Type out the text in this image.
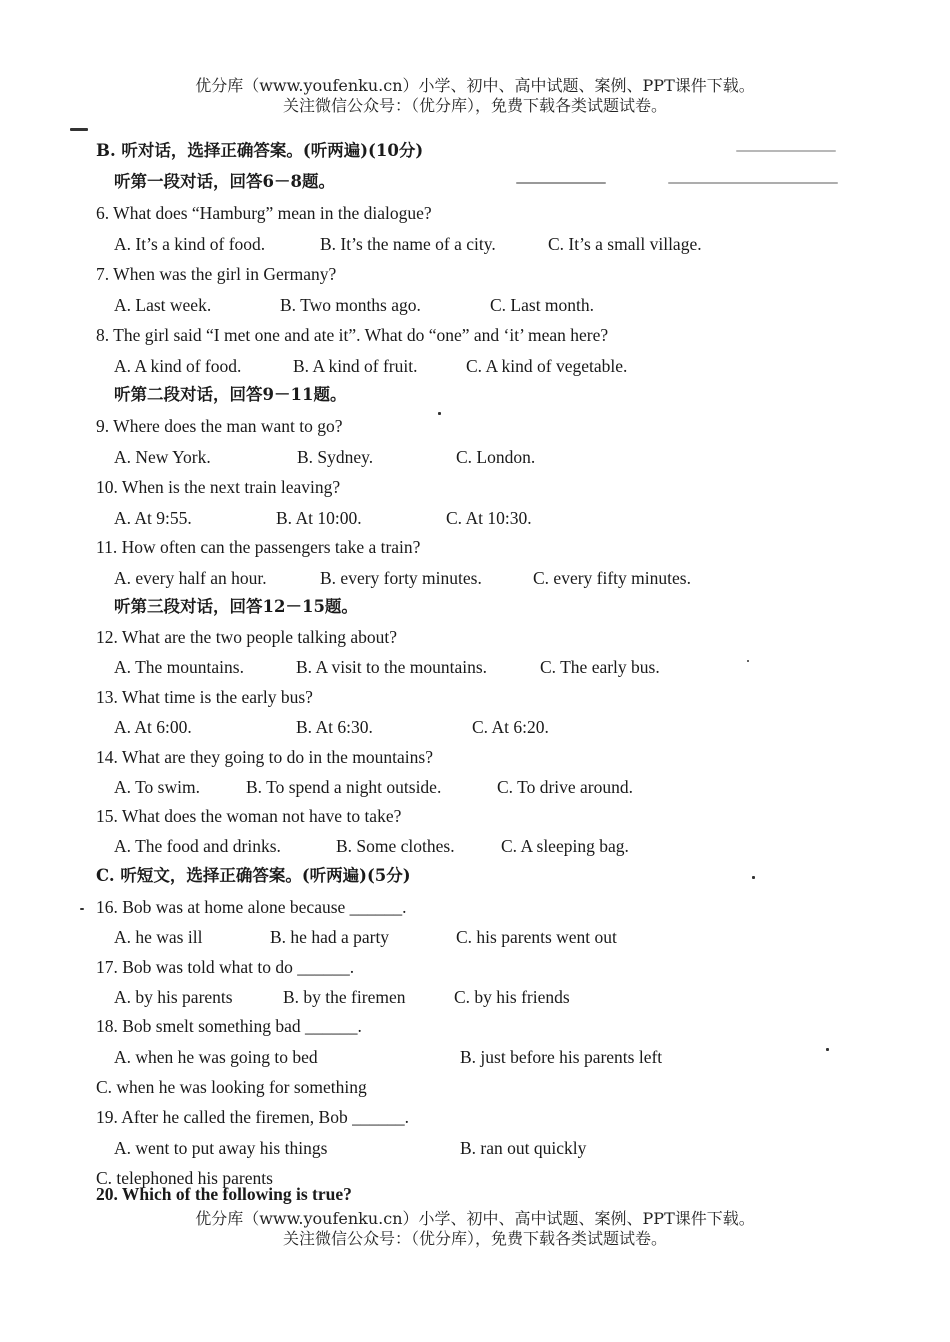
优分库（www.youfenku.cn）小学、初中、高中试题、案例、PPT课件下载。
关注微信公众号：（优分库），免费下载各类试题试卷。
B. 听对话，选择正确答案。(听两遍)(10分)
听第一段对话，回答6－8题。
6. What does “Hamburg” mean in the dialogue?
A. It’s a kind of food.	B. It’s the name of a city.	C. It’s a small village.
7. When was the girl in Germany?
A. Last week.	B. Two months ago.	C. Last month.
8. The girl said “I met one and ate it”. What do “one” and ‘it’ mean here?
A. A kind of food.	B. A kind of fruit.	C. A kind of vegetable.
听第二段对话，回答9－11题。
9. Where does the man want to go?
A. New York.	B. Sydney.	C. London.
10. When is the next train leaving?
A. At 9:55.	B. At 10:00.	C. At 10:30.
11. How often can the passengers take a train?
A. every half an hour.	B. every forty minutes.	C. every fifty minutes.
听第三段对话，回答12－15题。
12. What are the two people talking about?
A. The mountains.	B. A visit to the mountains.	C. The early bus.
13. What time is the early bus?
A. At 6:00.	B. At 6:30.	C. At 6:20.
14. What are they going to do in the mountains?
A. To swim.	B. To spend a night outside.	C. To drive around.
15. What does the woman not have to take?
A. The food and drinks.	B. Some clothes.	C. A sleeping bag.
C. 听短文，选择正确答案。(听两遍)(5分)
16. Bob was at home alone because ______.
A. he was ill	B. he had a party	C. his parents went out
17. Bob was told what to do ______.
A. by his parents	B. by the firemen	C. by his friends
18. Bob smelt something bad ______.
A. when he was going to bed	B. just before his parents left
C. when he was looking for something
19. After he called the firemen, Bob ______.
A. went to put away his things	B. ran out quickly
C. telephoned his parents
20. Which of the following is true?
优分库（www.youfenku.cn）小学、初中、高中试题、案例、PPT课件下载。
关注微信公众号：（优分库），免费下载各类试题试卷。
